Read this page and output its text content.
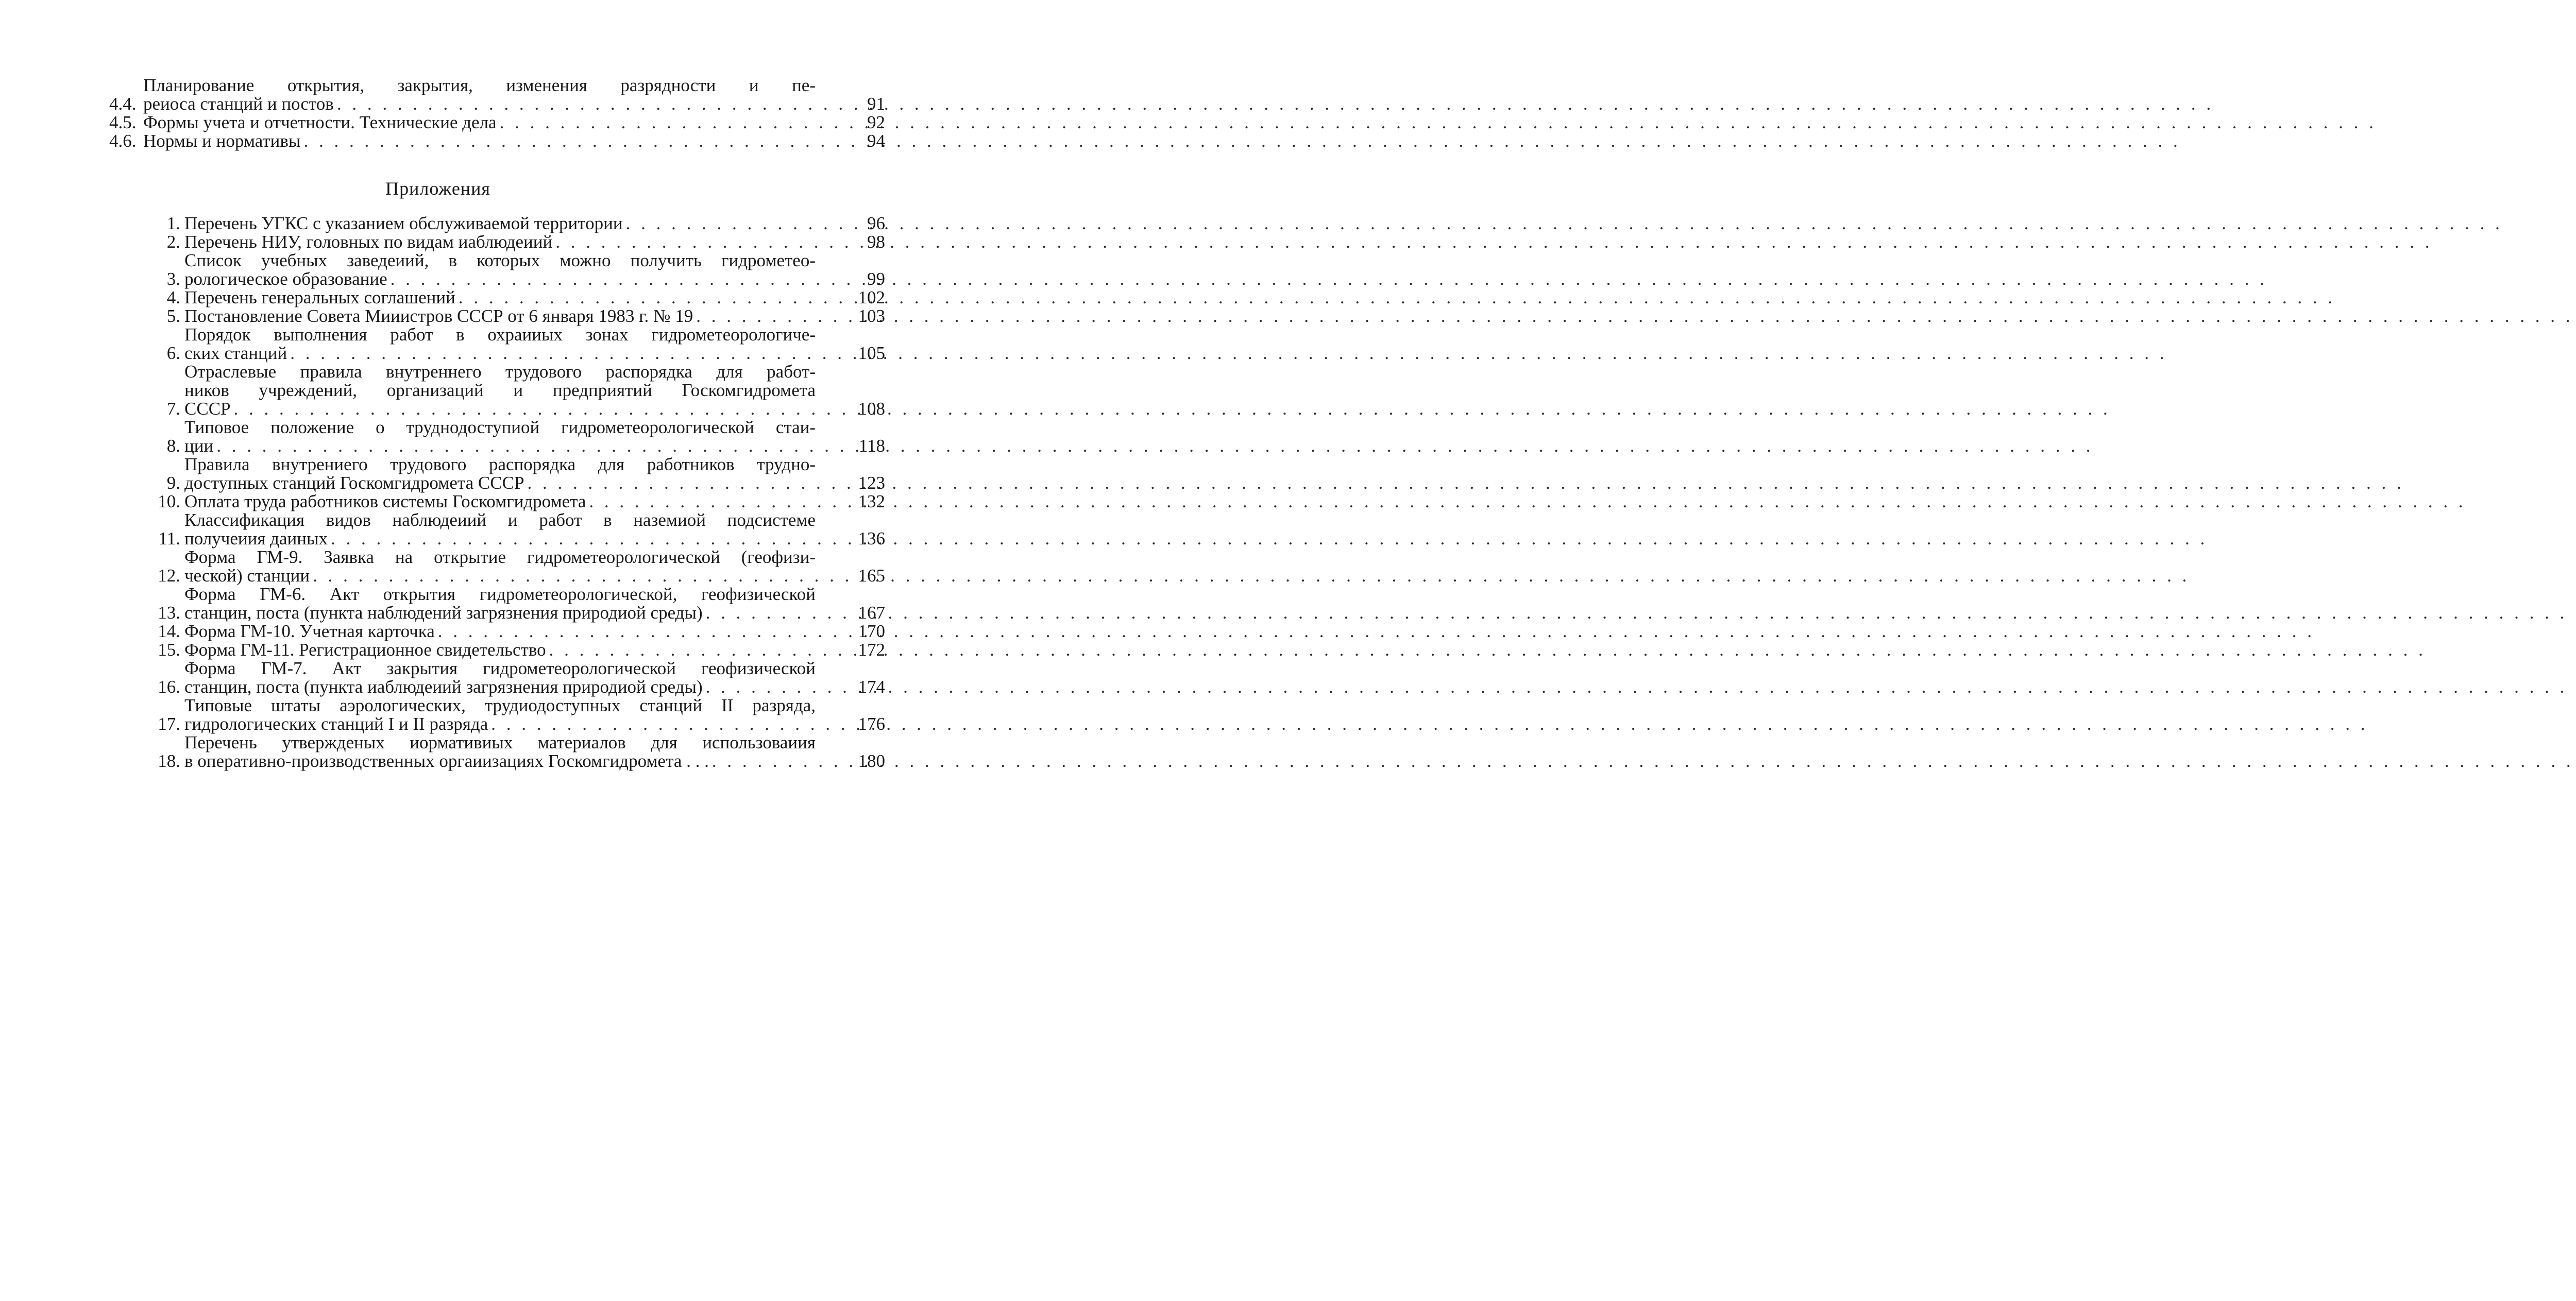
4.4.
Планирование открытия, закрытия, изменения разрядности и пе-
реиоса станций и постов . . .	91
4.5. Формы учета и отчетности. Технические дела . . .	92
4.6. Нормы и нормативы . . .	94
Приложения
1. Перечень УГКС с указанием обслуживаемой территории . . .	96
2. Перечень НИУ, головных по видам иаблюдеиий . . .	98
3.
Список учебных заведеиий, в которых можно получить гидрометео-
рологическое образование . . .	99
4. Перечень генеральных соглашений . . .	102
5. Постановление Совета Мииистров СССР от 6 января 1983 г. № 19 . . .	103
6.
Порядок выполнения работ в охраииых зонах гидрометеорологиче-
ских станций . . .	105
7.
Отраслевые правила внутреннего трудового распорядка для работ-
ников учреждений, организаций и предприятий Госкомгидромета
СССР . . .	108
8.
Типовое положение о труднодоступиой гидрометеорологической стаи-
ции . . .	118
9.
Правила внутрениего трудового распорядка для работников трудно-
доступных станций Госкомгидромета СССР . . .	123
10. Оплата труда работников системы Госкомгидромета . . .	132
11.
Классификация видов наблюдеиий и работ в наземиой подсистеме
получеиия даиных . . .	136
12.
Форма ГМ-9. Заявка на открытие гидрометеорологической (геофизи-
ческой) станции . . .	165
13.
Форма ГМ-6. Акт открытия гидрометеорологической, геофизической
станцин, поста (пункта наблюдений загрязнения природиой среды) . . .	167
14. Форма ГМ-10. Учетная карточка . . .	170
15. Форма ГМ-11. Регистрационное свидетельство . . .	172
16.
Форма ГМ-7. Акт закрытия гидрометеорологической геофизической
станцин, поста (пункта иаблюдеиий загрязнения природиой среды) . . .	174
17.
Типовые штаты аэрологических, трудиодоступных станций II разряда,
гидрологических станций I и II разряда . . .	176
18.
Перечень утвержденых иормативиых материалов для использоваиия
в оперативно-производственных оргаиизациях Госкомгидромета . . . . . .	180
